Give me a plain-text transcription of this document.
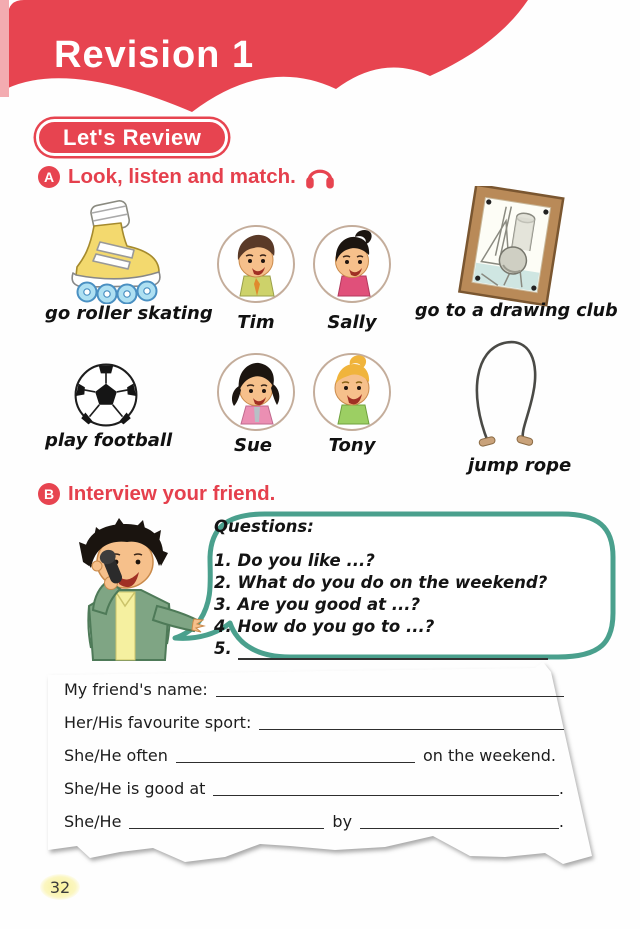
Revision 1
Let's Review
A Look, listen and match.
go roller skating	go to a drawing club
play football
jump rope
Tim	Sally
Sue	Tony
B Interview your friend.
Questions:
1. Do you like ...?
2. What do you do on the weekend?
3. Are you good at ...?
4. How do you go to ...?
5.
My friend's name:
Her/His favourite sport:
She/He often	on the weekend.
She/He is good at	.
She/He	by	.
32
